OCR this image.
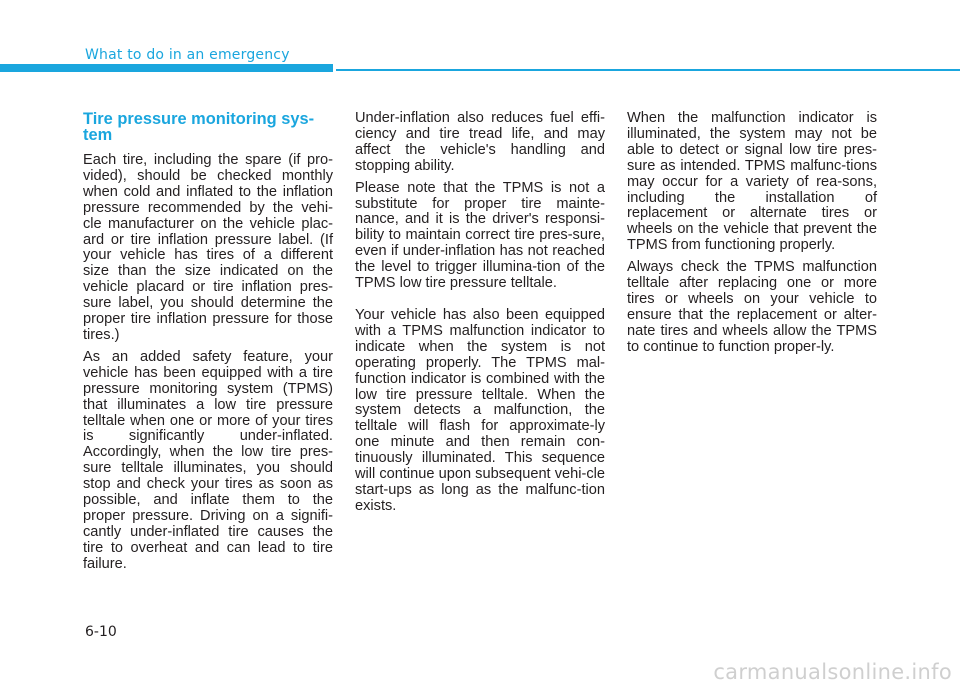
What to do in an emergency
Tire pressure monitoring sys-tem

Each tire, including the spare (if pro-vided), should be checked monthly when cold and inflated to the inflation pressure recommended by the vehi-cle manufacturer on the vehicle plac-ard or tire inflation pressure label. (If your vehicle has tires of a different size than the size indicated on the vehicle placard or tire inflation pres-sure label, you should determine the proper tire inflation pressure for those tires.)

As an added safety feature, your vehicle has been equipped with a tire pressure monitoring system (TPMS) that illuminates a low tire pressure telltale when one or more of your tires is significantly under-inflated. Accordingly, when the low tire pres-sure telltale illuminates, you should stop and check your tires as soon as possible, and inflate them to the proper pressure. Driving on a signifi-cantly under-inflated tire causes the tire to overheat and can lead to tire failure.

Under-inflation also reduces fuel effi-ciency and tire tread life, and may affect the vehicle's handling and stopping ability.

Please note that the TPMS is not a substitute for proper tire mainte-nance, and it is the driver's responsi-bility to maintain correct tire pres-sure, even if under-inflation has not reached the level to trigger illumina-tion of the TPMS low tire pressure telltale.

Your vehicle has also been equipped with a TPMS malfunction indicator to indicate when the system is not operating properly. The TPMS mal-function indicator is combined with the low tire pressure telltale. When the system detects a malfunction, the telltale will flash for approximate-ly one minute and then remain con-tinuously illuminated. This sequence will continue upon subsequent vehi-cle start-ups as long as the malfunc-tion exists.

When the malfunction indicator is illuminated, the system may not be able to detect or signal low tire pres-sure as intended. TPMS malfunc-tions may occur for a variety of rea-sons, including the installation of replacement or alternate tires or wheels on the vehicle that prevent the TPMS from functioning properly.

Always check the TPMS malfunction telltale after replacing one or more tires or wheels on your vehicle to ensure that the replacement or alter-nate tires and wheels allow the TPMS to continue to function proper-ly.

6-10
carmanualsonline.info
